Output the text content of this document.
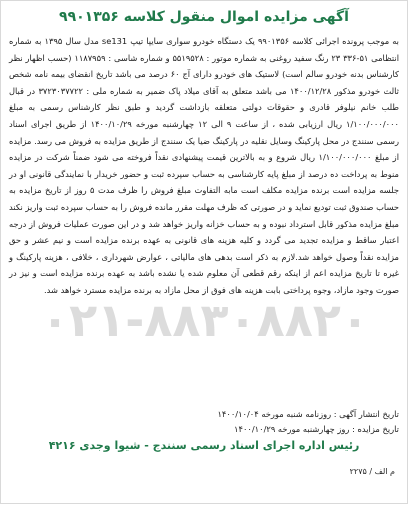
آگهی مزایده اموال منقول کلاسه ۹۹۰۱۳۵۶
۰۲۱-۸۸۳۰۸۸۲۰
به موجب پرونده اجرائی کلاسه ۹۹۰۱۳۵۶ یک دستگاه خودرو سواری سایپا تیپ se131 مدل سال ۱۳۹۵ به شماره انتظامی ۵۱-۳۳۶ ۲۳ رنگ سفید روغنی به شماره موتور : ۵۵۱۹۵۲۸ و شماره شاسی : ۱۱۸۷۹۵۹ (حسب اظهار نظر کارشناس بدنه خودرو سالم است) لاستیک های خودرو دارای آج ۶۰ درصد می باشد تاریخ انقضای بیمه نامه شخص ثالث خودرو مذکور ۱۴۰۰/۱۲/۲۸ می باشد متعلق به آقای میلاد پاک ضمیر به شماره ملی : ۳۷۲۳۰۳۷۷۲۲ در قبال طلب خانم نیلوفر قادری و حقوقات دولتی متعلقه بازداشت گردید و طبق نظر کارشناس رسمی به مبلغ ۱/۱۰۰/۰۰۰/۰۰۰ ریال ارزیابی شده ، از ساعت ۹ الی ۱۲ چهارشنبه مورخه ۱۴۰۰/۱۰/۲۹ از طریق اجرای اسناد رسمی سنندج در محل پارکینگ وسایل نقلیه در پارکینگ ضیا یک سنندج از طریق مزایده به فروش می رسد. مزایده از مبلغ ۱/۱۰۰/۰۰۰/۰۰۰ ریال شروع و به بالاترین قیمت پیشنهادی نقداً فروخته می شود ضمناً شرکت در مزایده منوط به پرداخت ده درصد از مبلغ پایه کارشناسی به حساب سپرده ثبت و حضور خریدار با نمایندگی قانونی او در جلسه مزایده است برنده مزایده مکلف است مابه التفاوت مبلغ فروش را ظرف مدت ۵ روز از تاریخ مزایده به حساب صندوق ثبت تودیع نماید و در صورتی که ظرف مهلت مقرر مانده فروش را به حساب سپرده ثبت واریز نکند مبلغ مزایده مذکور قابل استرداد نبوده و به حساب خزانه واریز خواهد شد و در این صورت عملیات فروش از درجه اعتبار ساقط و مزایده تجدید می گردد و کلیه هزینه های قانونی به عهده برنده مزایده است و نیم عشر و حق مزایده نقداً وصول خواهد شد.لازم به ذکر است بدهی های مالیاتی ، عوارض شهرداری ، خلافی ، هزینه پارکینگ و غیره تا تاریخ مزایده اعم از اینکه رقم قطعی آن معلوم شده یا نشده باشد به عهده برنده مزایده است و نیز در صورت وجود مازاد، وجوه پرداختی بابت هزینه های فوق از محل مازاد به برنده مزایده مسترد خواهد شد.
تاریخ انتشار آگهی : روزنامه شنبه مورخه ۱۴۰۰/۱۰/۰۴
تاریخ مزایده : روز چهارشنبه مورخه ۱۴۰۰/۱۰/۲۹
رئیس اداره اجرای اسناد رسمی سنندج - شیوا وجدی ۴۲۱۶
م الف / ۲۲۷۵
